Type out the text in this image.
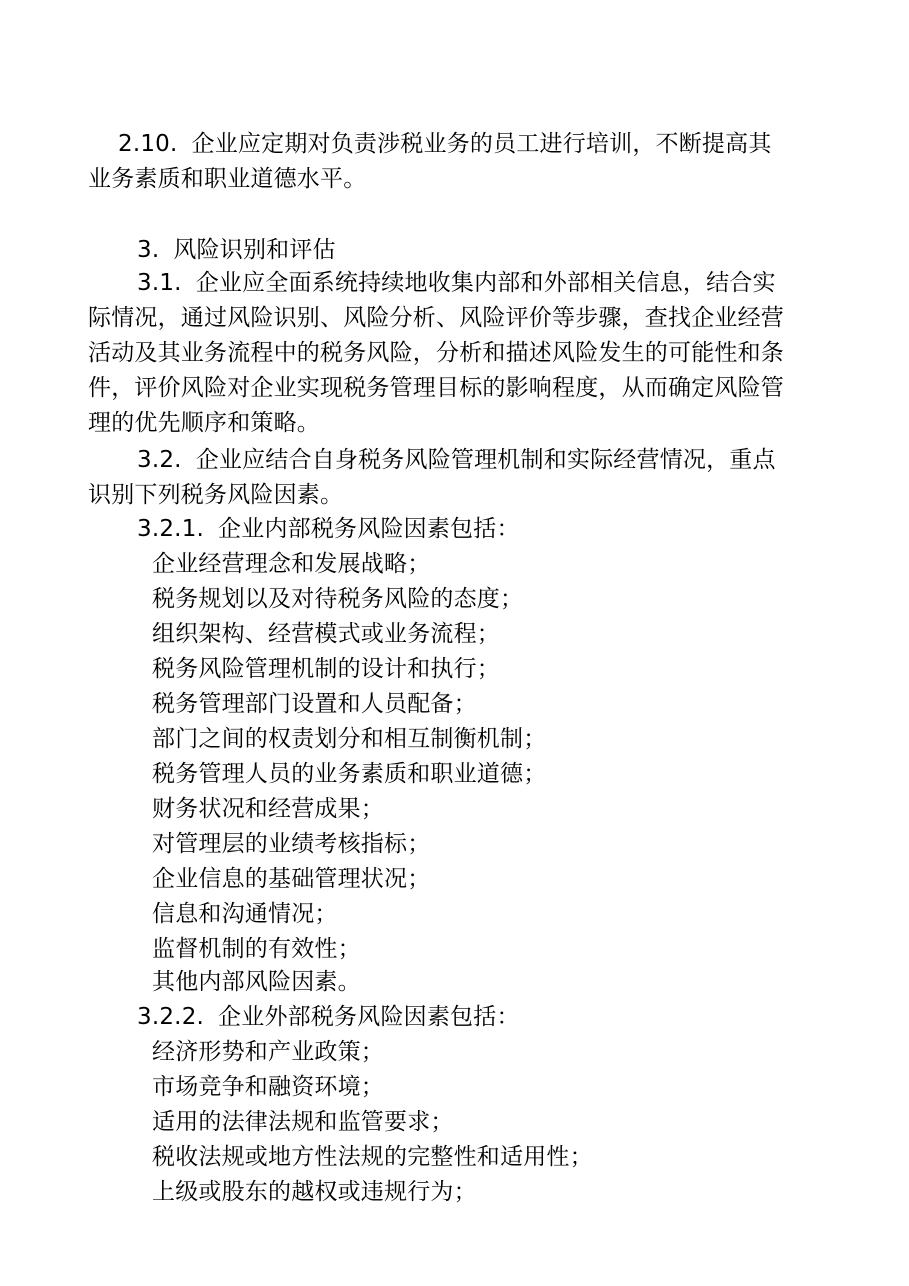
2.10. 企业应定期对负责涉税业务的员工进行培训，不断提高其
业务素质和职业道德水平。
3. 风险识别和评估
3.1. 企业应全面系统持续地收集内部和外部相关信息，结合实
际情况，通过风险识别、风险分析、风险评价等步骤，查找企业经营
活动及其业务流程中的税务风险，分析和描述风险发生的可能性和条
件，评价风险对企业实现税务管理目标的影响程度，从而确定风险管
理的优先顺序和策略。
3.2. 企业应结合自身税务风险管理机制和实际经营情况，重点
识别下列税务风险因素。
3.2.1. 企业内部税务风险因素包括：
企业经营理念和发展战略；
税务规划以及对待税务风险的态度；
组织架构、经营模式或业务流程；
税务风险管理机制的设计和执行；
税务管理部门设置和人员配备；
部门之间的权责划分和相互制衡机制；
税务管理人员的业务素质和职业道德；
财务状况和经营成果；
对管理层的业绩考核指标；
企业信息的基础管理状况；
信息和沟通情况；
监督机制的有效性；
其他内部风险因素。
3.2.2. 企业外部税务风险因素包括：
经济形势和产业政策；
市场竞争和融资环境；
适用的法律法规和监管要求；
税收法规或地方性法规的完整性和适用性；
上级或股东的越权或违规行为；
